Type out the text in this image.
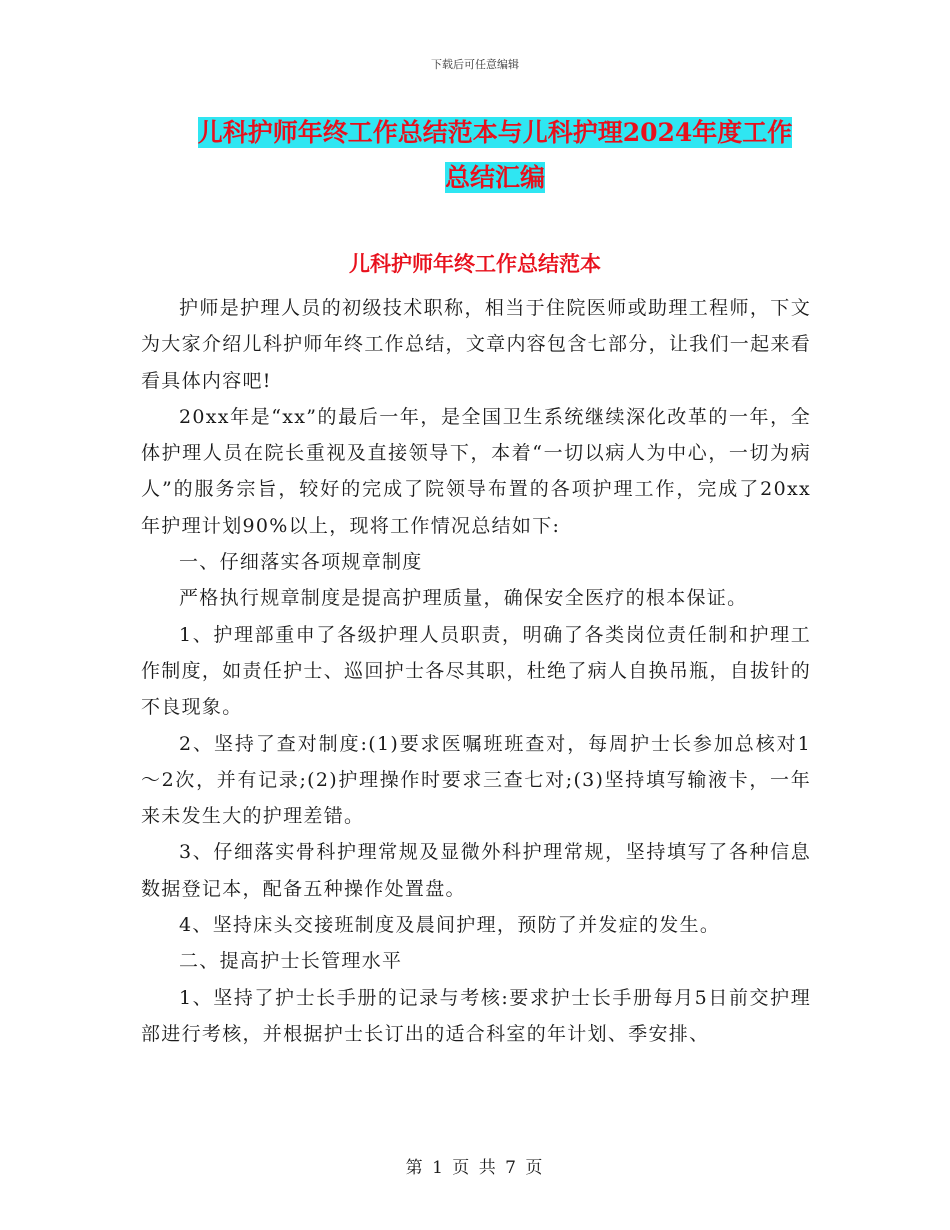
下载后可任意编辑
儿科护师年终工作总结范本与儿科护理2024年度工作
总结汇编
儿科护师年终工作总结范本

护师是护理人员的初级技术职称，相当于住院医师或助理工程师，下文为大家介绍儿科护师年终工作总结，文章内容包含七部分，让我们一起来看看具体内容吧!

20xx年是“xx”的最后一年，是全国卫生系统继续深化改革的一年，全体护理人员在院长重视及直接领导下，本着“一切以病人为中心，一切为病人”的服务宗旨，较好的完成了院领导布置的各项护理工作，完成了20xx年护理计划90%以上，现将工作情况总结如下:

一、仔细落实各项规章制度

严格执行规章制度是提高护理质量，确保安全医疗的根本保证。

1、护理部重申了各级护理人员职责，明确了各类岗位责任制和护理工作制度，如责任护士、巡回护士各尽其职，杜绝了病人自换吊瓶，自拔针的不良现象。

2、坚持了查对制度:(1)要求医嘱班班查对，每周护士长参加总核对1～2次，并有记录;(2)护理操作时要求三查七对;(3)坚持填写输液卡，一年来未发生大的护理差错。

3、仔细落实骨科护理常规及显微外科护理常规，坚持填写了各种信息数据登记本，配备五种操作处置盘。

4、坚持床头交接班制度及晨间护理，预防了并发症的发生。

二、提高护士长管理水平

1、坚持了护士长手册的记录与考核:要求护士长手册每月5日前交护理部进行考核，并根据护士长订出的适合科室的年计划、季安排、

第 1 页 共 7 页
